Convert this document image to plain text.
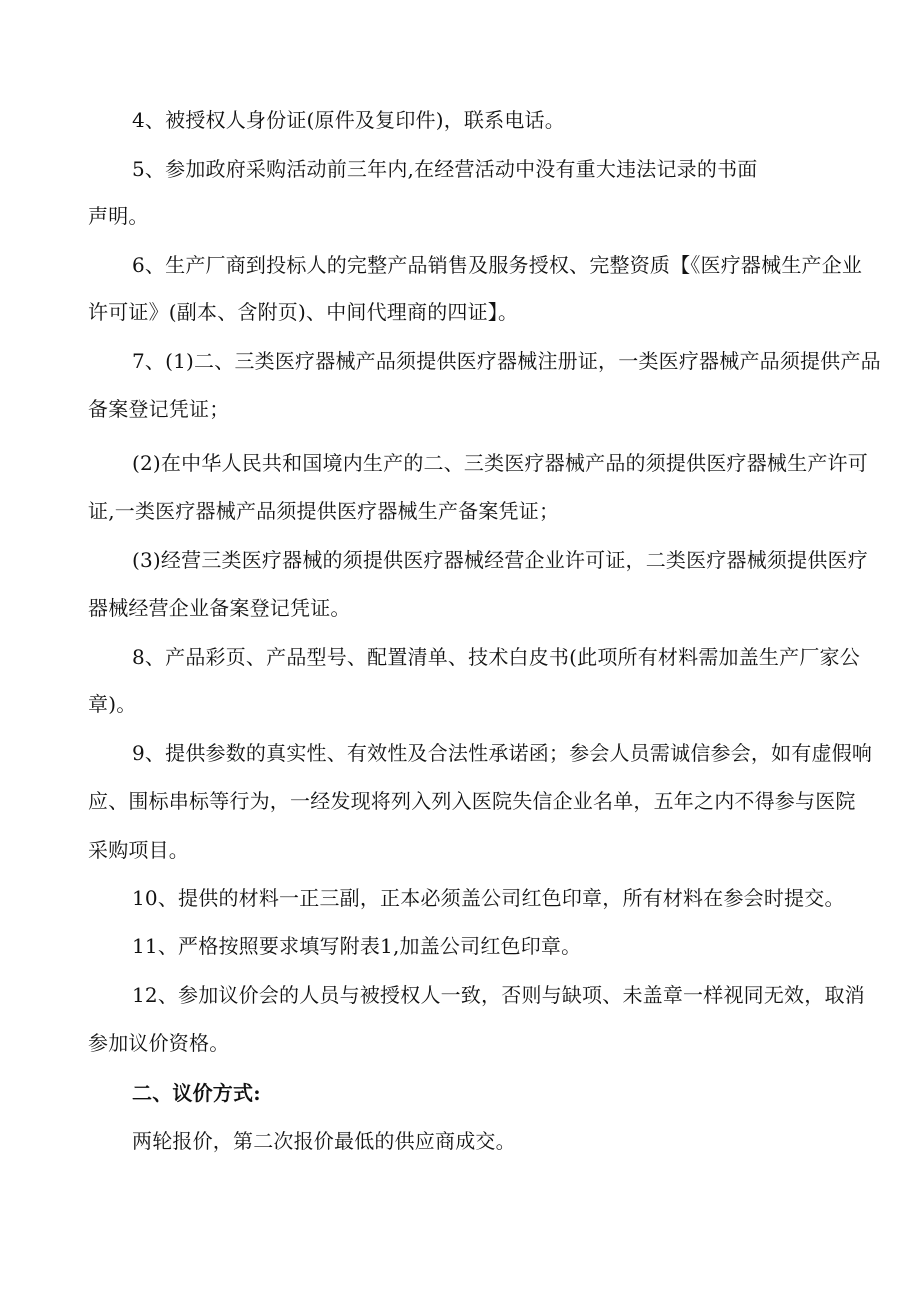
4、被授权人身份证(原件及复印件)，联系电话。
5、参加政府采购活动前三年内,在经营活动中没有重大违法记录的书面
声明。
6、生产厂商到投标人的完整产品销售及服务授权、完整资质【《医疗器械生产企业
许可证》(副本、含附页)、中间代理商的四证】。
7、(1)二、三类医疗器械产品须提供医疗器械注册证，一类医疗器械产品须提供产品
备案登记凭证；
(2)在中华人民共和国境内生产的二、三类医疗器械产品的须提供医疗器械生产许可
证,一类医疗器械产品须提供医疗器械生产备案凭证；
(3)经营三类医疗器械的须提供医疗器械经营企业许可证，二类医疗器械须提供医疗
器械经营企业备案登记凭证。
8、产品彩页、产品型号、配置清单、技术白皮书(此项所有材料需加盖生产厂家公
章)。
9、提供参数的真实性、有效性及合法性承诺函；参会人员需诚信参会，如有虚假响
应、围标串标等行为，一经发现将列入列入医院失信企业名单，五年之内不得参与医院
采购项目。
10、提供的材料一正三副，正本必须盖公司红色印章，所有材料在参会时提交。
11、严格按照要求填写附表1,加盖公司红色印章。
12、参加议价会的人员与被授权人一致，否则与缺项、未盖章一样视同无效，取消
参加议价资格。
二、议价方式:
两轮报价，第二次报价最低的供应商成交。
